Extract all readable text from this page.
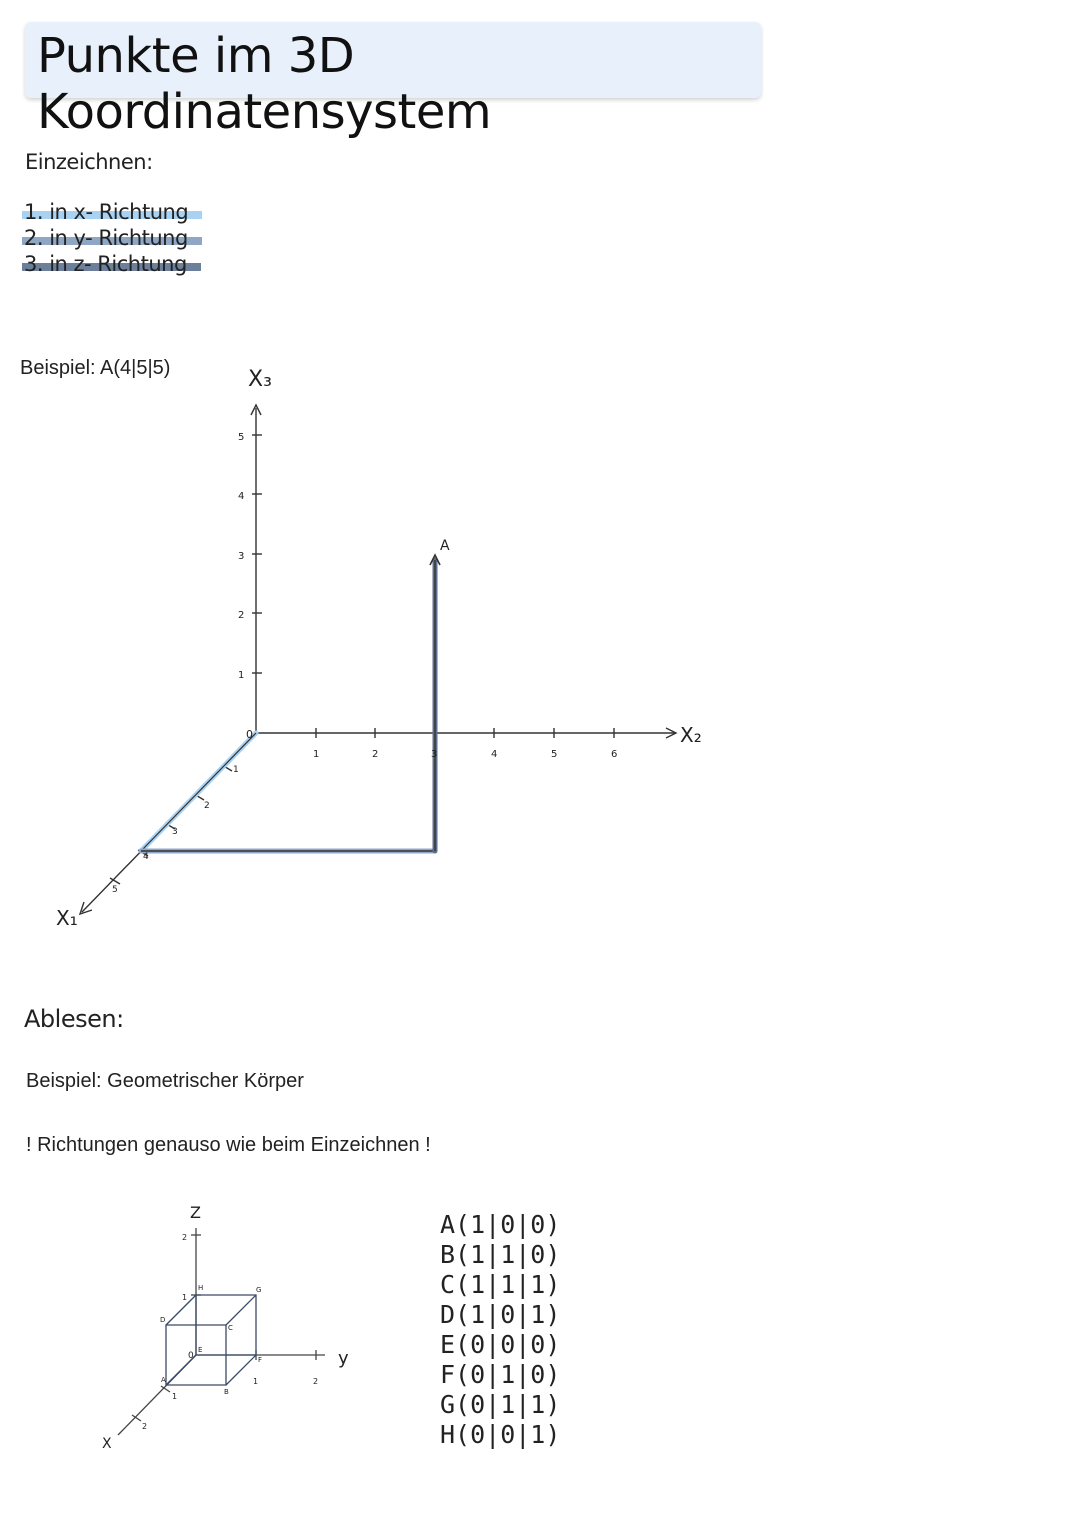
Punkte im 3D Koordinatensystem
Einzeichnen:
1. in x- Richtung
2. in y- Richtung
3. in z- Richtung
Beispiel: A(4|5|5)	X₃
X₂
X₁
0
A
1
2
3
4
5
1	2	3	4	5	6
1
2
3
4
5
Ablesen:
Beispiel: Geometrischer Körper
! Richtungen genauso wie beim Einzeichnen !
Z
y
X
1
2
1	2
1
2
0
A
B
C
D
E
F
G
H
A(1|0|0)
B(1|1|0)
C(1|1|1)
D(1|0|1)
E(0|0|0)
F(0|1|0)
G(0|1|1)
H(0|0|1)
